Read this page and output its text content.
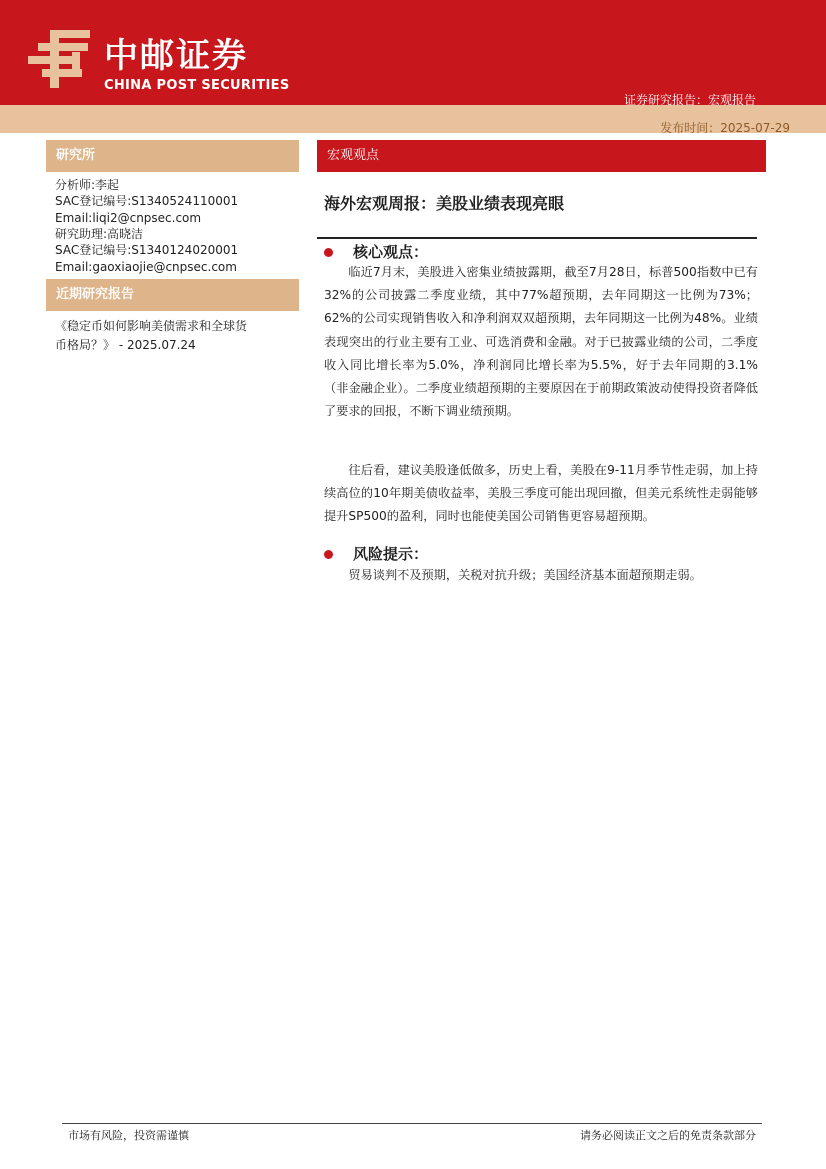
中邮证券
CHINA POST SECURITIES
证券研究报告：宏观报告
发布时间：2025-07-29
研究所
分析师:李起
SAC登记编号:S1340524110001
Email:liqi2@cnpsec.com
研究助理:高晓洁
SAC登记编号:S1340124020001
Email:gaoxiaojie@cnpsec.com
近期研究报告
《稳定币如何影响美债需求和全球货
币格局？》 - 2025.07.24
宏观观点
海外宏观周报：美股业绩表现亮眼
核心观点：
临近7月末，美股进入密集业绩披露期，截至7月28日，标普500指数中已有32%的公司披露二季度业绩，其中77%超预期，去年同期这一比例为73%；62%的公司实现销售收入和净利润双双超预期，去年同期这一比例为48%。业绩表现突出的行业主要有工业、可选消费和金融。对于已披露业绩的公司，二季度收入同比增长率为5.0%，净利润同比增长率为5.5%，好于去年同期的3.1%（非金融企业）。二季度业绩超预期的主要原因在于前期政策波动使得投资者降低了要求的回报，不断下调业绩预期。
往后看，建议美股逢低做多，历史上看，美股在9-11月季节性走弱，加上持续高位的10年期美债收益率，美股三季度可能出现回撤，但美元系统性走弱能够提升SP500的盈利，同时也能使美国公司销售更容易超预期。
风险提示：
贸易谈判不及预期，关税对抗升级；美国经济基本面超预期走弱。
市场有风险，投资需谨慎	请务必阅读正文之后的免责条款部分
